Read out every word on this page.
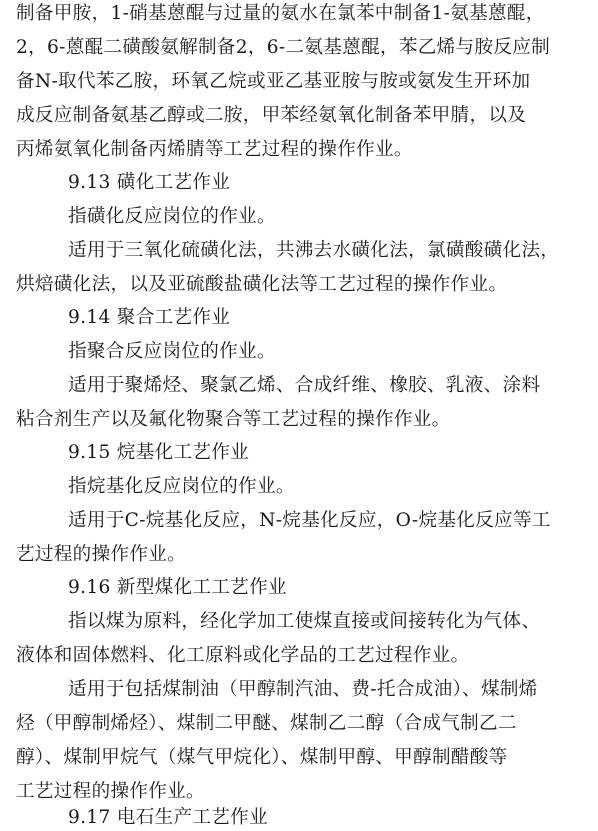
制备甲胺，1-硝基蒽醌与过量的氨水在氯苯中制备1-氨基蒽醌，
2，6-蒽醌二磺酸氨解制备2，6-二氨基蒽醌，苯乙烯与胺反应制
备N-取代苯乙胺，环氧乙烷或亚乙基亚胺与胺或氨发生开环加
成反应制备氨基乙醇或二胺，甲苯经氨氧化制备苯甲腈，以及
丙烯氨氧化制备丙烯腈等工艺过程的操作作业。
9.13 磺化工艺作业
指磺化反应岗位的作业。
适用于三氧化硫磺化法，共沸去水磺化法，氯磺酸磺化法，
烘焙磺化法，以及亚硫酸盐磺化法等工艺过程的操作作业。
9.14 聚合工艺作业
指聚合反应岗位的作业。
适用于聚烯烃、聚氯乙烯、合成纤维、橡胶、乳液、涂料
粘合剂生产以及氟化物聚合等工艺过程的操作作业。
9.15 烷基化工艺作业
指烷基化反应岗位的作业。
适用于C-烷基化反应，N-烷基化反应，O-烷基化反应等工
艺过程的操作作业。
9.16 新型煤化工工艺作业
指以煤为原料，经化学加工使煤直接或间接转化为气体、
液体和固体燃料、化工原料或化学品的工艺过程作业。
适用于包括煤制油（甲醇制汽油、费-托合成油）、煤制烯
烃（甲醇制烯烃）、煤制二甲醚、煤制乙二醇（合成气制乙二
醇）、煤制甲烷气（煤气甲烷化）、煤制甲醇、甲醇制醋酸等
工艺过程的操作作业。
9.17 电石生产工艺作业
